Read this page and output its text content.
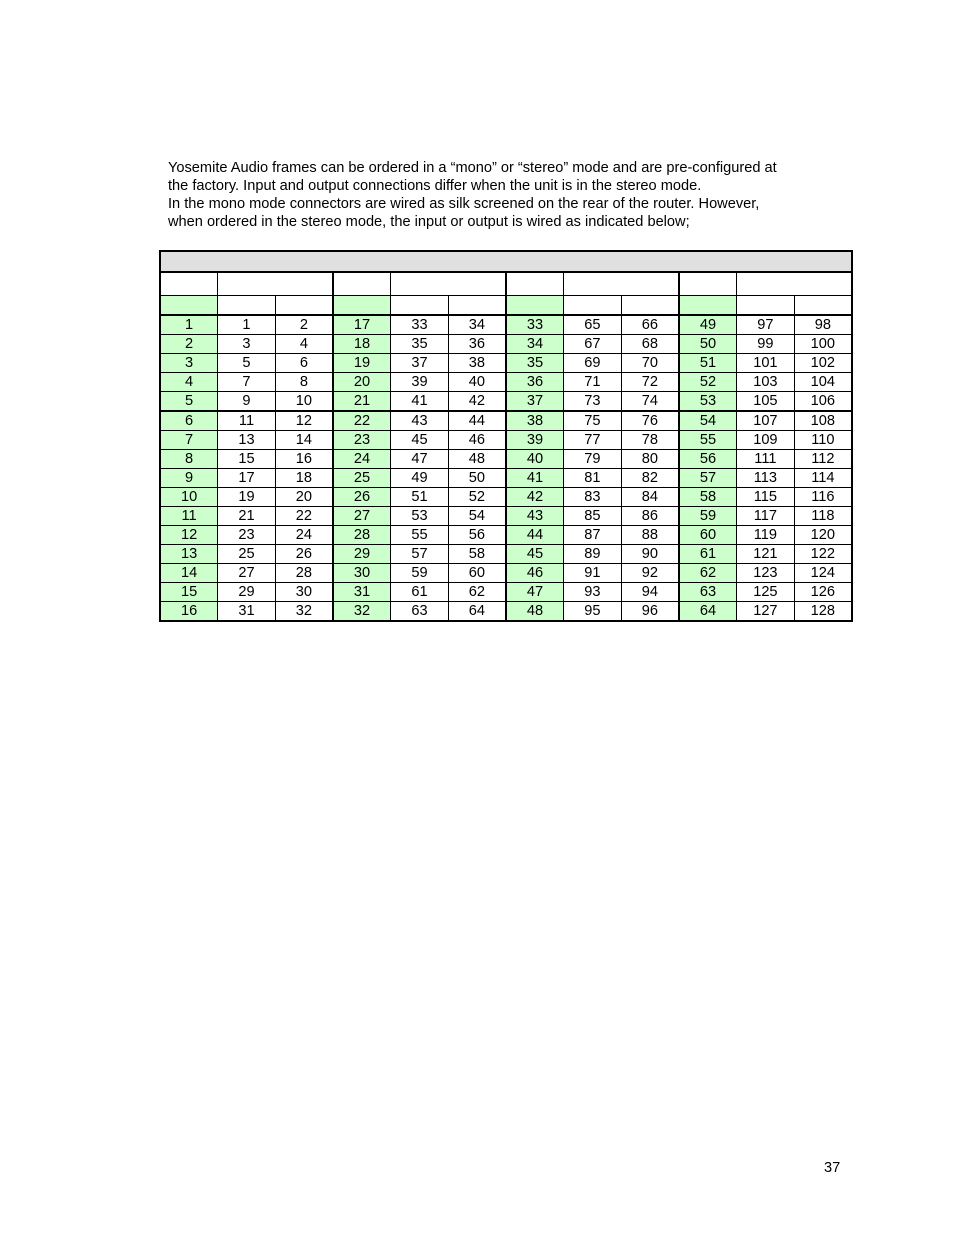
Yosemite Audio frames can be ordered in a “mono” or “stereo” mode and are pre-configured at
the factory. Input and output connections differ when the unit is in the stereo mode.
In the mono mode connectors are wired as silk screened on the rear of the router. However,
when ordered in the stereo mode, the input or output is wired as indicated below;

1	1	2	17	33	34	33	65	66	49	97	98
2	3	4	18	35	36	34	67	68	50	99	100
3	5	6	19	37	38	35	69	70	51	101	102
4	7	8	20	39	40	36	71	72	52	103	104
5	9	10	21	41	42	37	73	74	53	105	106
6	11	12	22	43	44	38	75	76	54	107	108
7	13	14	23	45	46	39	77	78	55	109	110
8	15	16	24	47	48	40	79	80	56	111	112
9	17	18	25	49	50	41	81	82	57	113	114
10	19	20	26	51	52	42	83	84	58	115	116
11	21	22	27	53	54	43	85	86	59	117	118
12	23	24	28	55	56	44	87	88	60	119	120
13	25	26	29	57	58	45	89	90	61	121	122
14	27	28	30	59	60	46	91	92	62	123	124
15	29	30	31	61	62	47	93	94	63	125	126
16	31	32	32	63	64	48	95	96	64	127	128
37
